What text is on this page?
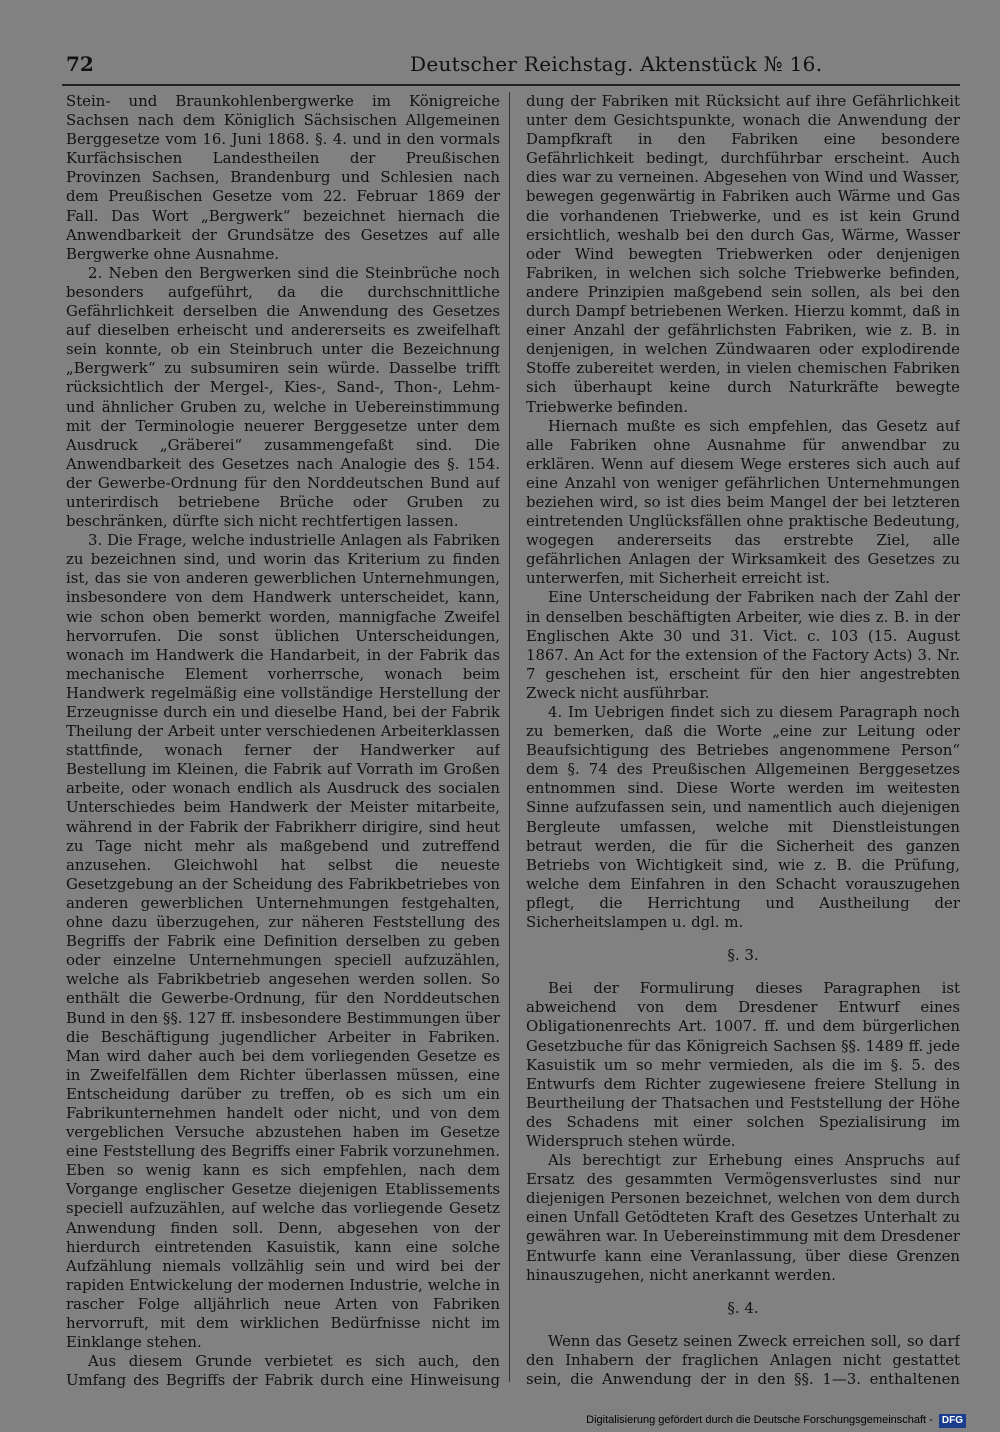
72	Deutscher Reichstag. Aktenstück № 16.

Stein- und Braunkohlenbergwerke im Königreiche Sachsen nach dem Königlich Sächsischen Allgemeinen Berggesetze vom 16. Juni 1868. §. 4. und in den vormals Kurfächsischen Landestheilen der Preußischen Provinzen Sachsen, Brandenburg und Schlesien nach dem Preußischen Gesetze vom 22. Februar 1869 der Fall. Das Wort „Bergwerk“ bezeichnet hiernach die Anwendbarkeit der Grundsätze des Gesetzes auf alle Bergwerke ohne Ausnahme.

2. Neben den Bergwerken sind die Steinbrüche noch besonders aufgeführt, da die durchschnittliche Gefährlichkeit derselben die Anwendung des Gesetzes auf dieselben erheischt und andererseits es zweifelhaft sein konnte, ob ein Steinbruch unter die Bezeichnung „Bergwerk“ zu subsumiren sein würde. Dasselbe trifft rücksichtlich der Mergel-, Kies-, Sand-, Thon-, Lehm- und ähnlicher Gruben zu, welche in Uebereinstimmung mit der Terminologie neuerer Berggesetze unter dem Ausdruck „Gräberei“ zusammengefaßt sind. Die Anwendbarkeit des Gesetzes nach Analogie des §. 154. der Gewerbe-Ordnung für den Norddeutschen Bund auf unterirdisch betriebene Brüche oder Gruben zu beschränken, dürfte sich nicht rechtfertigen lassen.

3. Die Frage, welche industrielle Anlagen als Fabriken zu bezeichnen sind, und worin das Kriterium zu finden ist, das sie von anderen gewerblichen Unternehmungen, insbesondere von dem Handwerk unterscheidet, kann, wie schon oben bemerkt worden, mannigfache Zweifel hervorrufen. Die sonst üblichen Unterscheidungen, wonach im Handwerk die Handarbeit, in der Fabrik das mechanische Element vorherrsche, wonach beim Handwerk regelmäßig eine vollständige Herstellung der Erzeugnisse durch ein und dieselbe Hand, bei der Fabrik Theilung der Arbeit unter verschiedenen Arbeiterklassen stattfinde, wonach ferner der Handwerker auf Bestellung im Kleinen, die Fabrik auf Vorrath im Großen arbeite, oder wonach endlich als Ausdruck des socialen Unterschiedes beim Handwerk der Meister mitarbeite, während in der Fabrik der Fabrikherr dirigire, sind heut zu Tage nicht mehr als maßgebend und zutreffend anzusehen. Gleichwohl hat selbst die neueste Gesetzgebung an der Scheidung des Fabrikbetriebes von anderen gewerblichen Unternehmungen festgehalten, ohne dazu überzugehen, zur näheren Feststellung des Begriffs der Fabrik eine Definition derselben zu geben oder einzelne Unternehmungen speciell aufzuzählen, welche als Fabrikbetrieb angesehen werden sollen. So enthält die Gewerbe-Ordnung, für den Norddeutschen Bund in den §§. 127 ff. insbesondere Bestimmungen über die Beschäftigung jugendlicher Arbeiter in Fabriken. Man wird daher auch bei dem vorliegenden Gesetze es in Zweifelfällen dem Richter überlassen müssen, eine Entscheidung darüber zu treffen, ob es sich um ein Fabrikunternehmen handelt oder nicht, und von dem vergeblichen Versuche abzustehen haben im Gesetze eine Feststellung des Begriffs einer Fabrik vorzunehmen. Eben so wenig kann es sich empfehlen, nach dem Vorgange englischer Gesetze diejenigen Etablissements speciell aufzuzählen, auf welche das vorliegende Gesetz Anwendung finden soll. Denn, abgesehen von der hierdurch eintretenden Kasuistik, kann eine solche Aufzählung niemals vollzählig sein und wird bei der rapiden Entwickelung der modernen Industrie, welche in rascher Folge alljährlich neue Arten von Fabriken hervorruft, mit dem wirklichen Bedürfnisse nicht im Einklange stehen.

Aus diesem Grunde verbietet es sich auch, den Umfang des Begriffs der Fabrik durch eine Hinweisung

dung der Fabriken mit Rücksicht auf ihre Gefährlichkeit unter dem Gesichtspunkte, wonach die Anwendung der Dampfkraft in den Fabriken eine besondere Gefährlichkeit bedingt, durchführbar erscheint. Auch dies war zu verneinen. Abgesehen von Wind und Wasser, bewegen gegenwärtig in Fabriken auch Wärme und Gas die vorhandenen Triebwerke, und es ist kein Grund ersichtlich, weshalb bei den durch Gas, Wärme, Wasser oder Wind bewegten Triebwerken oder denjenigen Fabriken, in welchen sich solche Triebwerke befinden, andere Prinzipien maßgebend sein sollen, als bei den durch Dampf betriebenen Werken. Hierzu kommt, daß in einer Anzahl der gefährlichsten Fabriken, wie z. B. in denjenigen, in welchen Zündwaaren oder explodirende Stoffe zubereitet werden, in vielen chemischen Fabriken sich überhaupt keine durch Naturkräfte bewegte Triebwerke befinden.

Hiernach mußte es sich empfehlen, das Gesetz auf alle Fabriken ohne Ausnahme für anwendbar zu erklären. Wenn auf diesem Wege ersteres sich auch auf eine Anzahl von weniger gefährlichen Unternehmungen beziehen wird, so ist dies beim Mangel der bei letzteren eintretenden Unglücksfällen ohne praktische Bedeutung, wogegen andererseits das erstrebte Ziel, alle gefährlichen Anlagen der Wirksamkeit des Gesetzes zu unterwerfen, mit Sicherheit erreicht ist.

Eine Unterscheidung der Fabriken nach der Zahl der in denselben beschäftigten Arbeiter, wie dies z. B. in der Englischen Akte 30 und 31. Vict. c. 103 (15. August 1867. An Act for the extension of the Factory Acts) 3. Nr. 7 geschehen ist, erscheint für den hier angestrebten Zweck nicht ausführbar.

4. Im Uebrigen findet sich zu diesem Paragraph noch zu bemerken, daß die Worte „eine zur Leitung oder Beaufsichtigung des Betriebes angenommene Person“ dem §. 74 des Preußischen Allgemeinen Berggesetzes entnommen sind. Diese Worte werden im weitesten Sinne aufzufassen sein, und namentlich auch diejenigen Bergleute umfassen, welche mit Dienstleistungen betraut werden, die für die Sicherheit des ganzen Betriebs von Wichtigkeit sind, wie z. B. die Prüfung, welche dem Einfahren in den Schacht vorauszugehen pflegt, die Herrichtung und Austheilung der Sicherheitslampen u. dgl. m.

§. 3.

Bei der Formulirung dieses Paragraphen ist abweichend von dem Dresdener Entwurf eines Obligationenrechts Art. 1007. ff. und dem bürgerlichen Gesetzbuche für das Königreich Sachsen §§. 1489 ff. jede Kasuistik um so mehr vermieden, als die im §. 5. des Entwurfs dem Richter zugewiesene freiere Stellung in Beurtheilung der Thatsachen und Feststellung der Höhe des Schadens mit einer solchen Spezialisirung im Widerspruch stehen würde.

Als berechtigt zur Erhebung eines Anspruchs auf Ersatz des gesammten Vermögensverlustes sind nur diejenigen Personen bezeichnet, welchen von dem durch einen Unfall Getödteten Kraft des Gesetzes Unterhalt zu gewähren war. In Uebereinstimmung mit dem Dresdener Entwurfe kann eine Veranlassung, über diese Grenzen hinauszugehen, nicht anerkannt werden.

§. 4.

Wenn das Gesetz seinen Zweck erreichen soll, so darf den Inhabern der fraglichen Anlagen nicht gestattet sein, die Anwendung der in den §§. 1—3. enthaltenen

Digitalisierung gefördert durch die Deutsche Forschungsgemeinschaft - DFG
